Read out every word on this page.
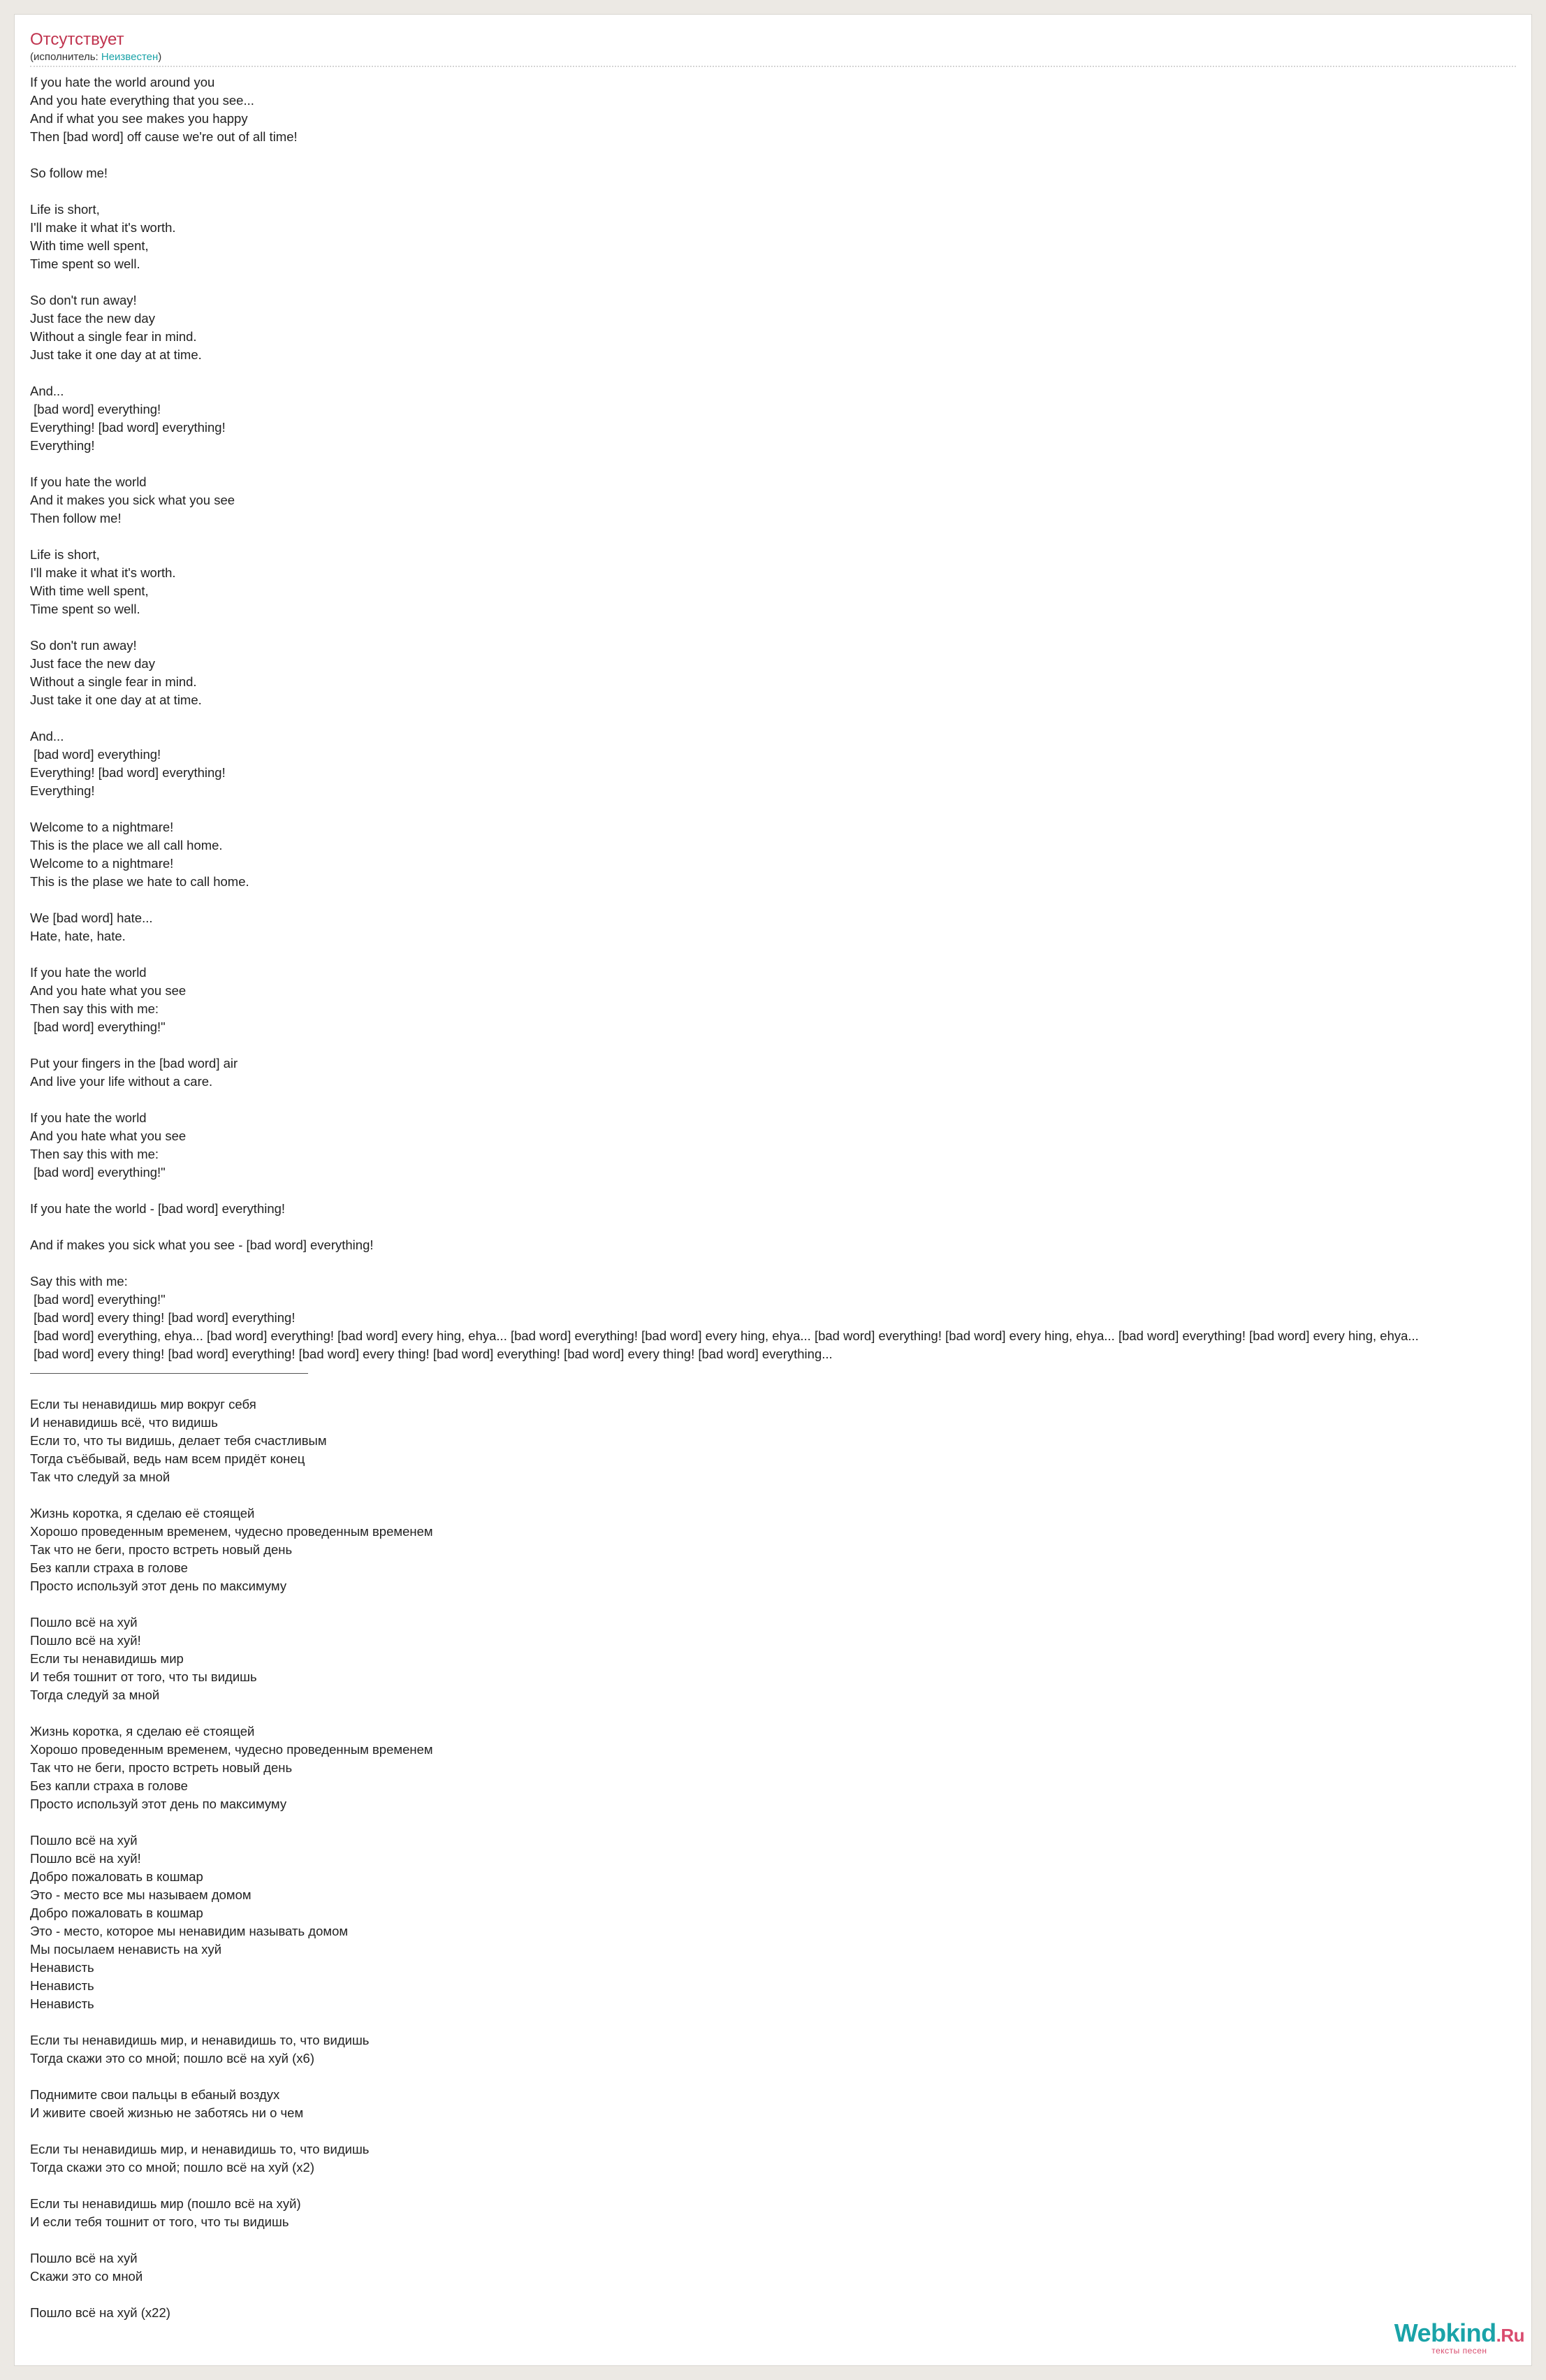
Отсутствует
(исполнитель: Неизвестен)
If you hate the world around you
And you hate everything that you see...
And if what you see makes you happy
Then [bad word] off cause we're out of all time!
So follow me!
Life is short,
I'll make it what it's worth.
With time well spent,
Time spent so well.
So don't run away!
Just face the new day
Without a single fear in mind.
Just take it one day at at time.
And...
[bad word] everything!
Everything! [bad word] everything!
Everything!
If you hate the world
And it makes you sick what you see
Then follow me!
Life is short,
I'll make it what it's worth.
With time well spent,
Time spent so well.
So don't run away!
Just face the new day
Without a single fear in mind.
Just take it one day at at time.
And...
[bad word] everything!
Everything! [bad word] everything!
Everything!
Welcome to a nightmare!
This is the place we all call home.
Welcome to a nightmare!
This is the plase we hate to call home.
We [bad word] hate...
Hate, hate, hate.
If you hate the world
And you hate what you see
Then say this with me:
[bad word] everything!"
Put your fingers in the [bad word] air
And live your life without a care.
If you hate the world
And you hate what you see
Then say this with me:
[bad word] everything!"
If you hate the world - [bad word] everything!
And if makes you sick what you see - [bad word] everything!
Say this with me:
[bad word] everything!"
[bad word] every thing! [bad word] everything!
[bad word] everything, ehya... [bad word] everything! [bad word] every hing, ehya... [bad word] everything! [bad word] every hing, ehya... [bad word] everything! [bad word] every hing, ehya... [bad word] everything! [bad word] every hing, ehya...
[bad word] every thing! [bad word] everything! [bad word] every thing! [bad word] everything! [bad word] every thing! [bad word] everything...
Если ты ненавидишь мир вокруг себя
И ненавидишь всё, что видишь
Если то, что ты видишь, делает тебя счастливым
Тогда съёбывай, ведь нам всем придёт конец
Так что следуй за мной
Жизнь коротка, я сделаю её стоящей
Хорошо проведенным временем, чудесно проведенным временем
Так что не беги, просто встреть новый день
Без капли страха в голове
Просто используй этот день по максимуму
Пошло всё на хуй
Пошло всё на хуй!
Если ты ненавидишь мир
И тебя тошнит от того, что ты видишь
Тогда следуй за мной
Жизнь коротка, я сделаю её стоящей
Хорошо проведенным временем, чудесно проведенным временем
Так что не беги, просто встреть новый день
Без капли страха в голове
Просто используй этот день по максимуму
Пошло всё на хуй
Пошло всё на хуй!
Добро пожаловать в кошмар
Это - место все мы называем домом
Добро пожаловать в кошмар
Это - место, которое мы ненавидим называть домом
Мы посылаем ненависть на хуй
Ненависть
Ненависть
Ненависть
Если ты ненавидишь мир, и ненавидишь то, что видишь
Тогда скажи это со мной; пошло всё на хуй (x6)
Поднимите свои пальцы в ебаный воздух
И живите своей жизнью не заботясь ни о чем
Если ты ненавидишь мир, и ненавидишь то, что видишь
Тогда скажи это со мной; пошло всё на хуй (x2)
Если ты ненавидишь мир (пошло всё на хуй)
И если тебя тошнит от того, что ты видишь
Пошло всё на хуй
Скажи это со мной
Пошло всё на хуй (x22)
Webkind.Ru
тексты песен
